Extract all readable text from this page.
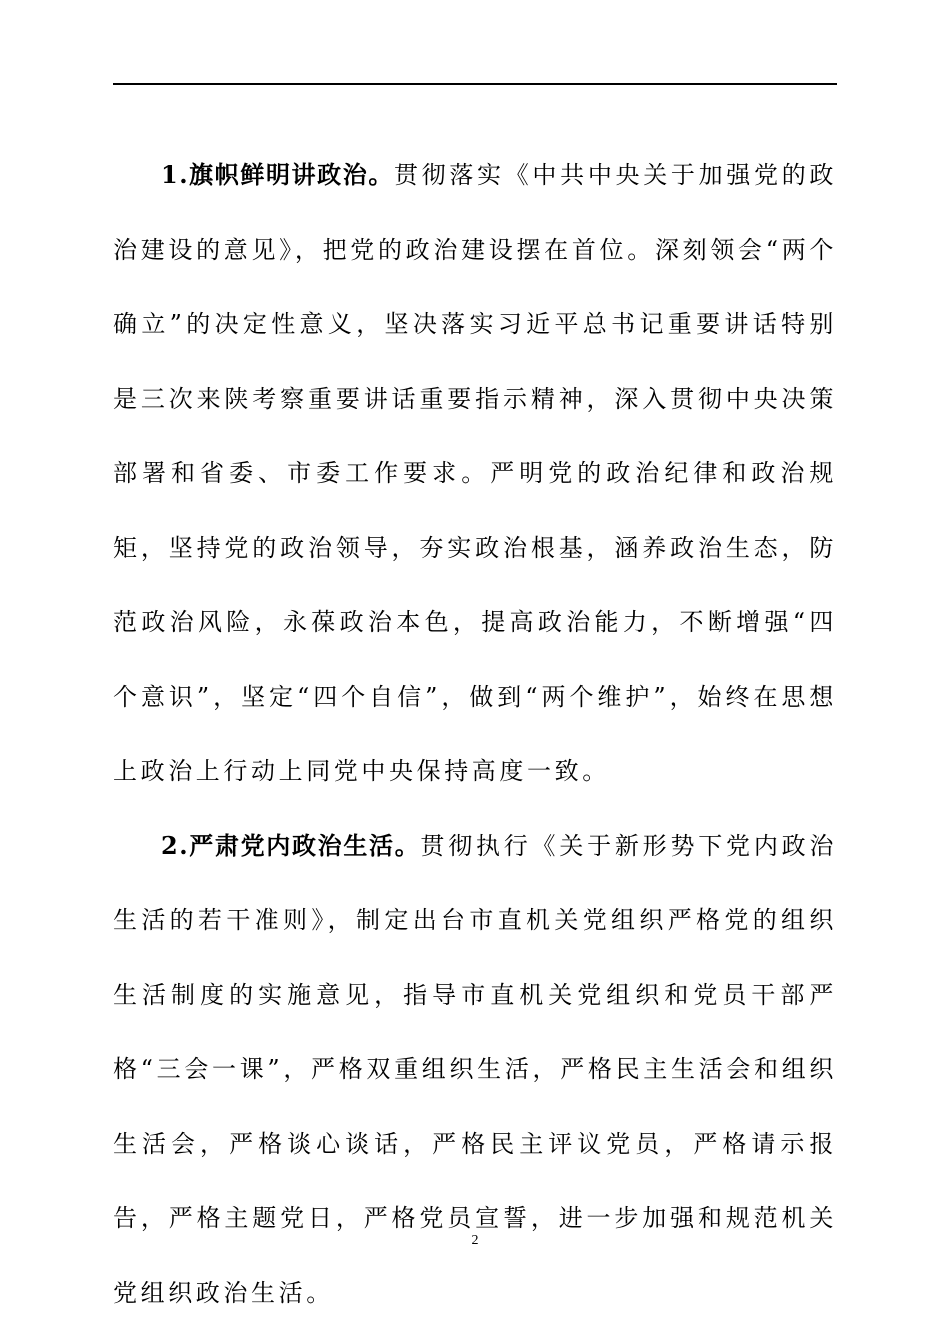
1.旗帜鲜明讲政治。贯彻落实《中共中央关于加强党的政治建设的意见》，把党的政治建设摆在首位。深刻领会“两个确立”的决定性意义，坚决落实习近平总书记重要讲话特别是三次来陕考察重要讲话重要指示精神，深入贯彻中央决策部署和省委、市委工作要求。严明党的政治纪律和政治规矩，坚持党的政治领导，夯实政治根基，涵养政治生态，防范政治风险，永葆政治本色，提高政治能力，不断增强“四个意识”，坚定“四个自信”，做到“两个维护”，始终在思想上政治上行动上同党中央保持高度一致。

2.严肃党内政治生活。贯彻执行《关于新形势下党内政治生活的若干准则》，制定出台市直机关党组织严格党的组织生活制度的实施意见，指导市直机关党组织和党员干部严格“三会一课”，严格双重组织生活，严格民主生活会和组织生活会，严格谈心谈话，严格民主评议党员，严格请示报告，严格主题党日，严格党员宣誓，进一步加强和规范机关党组织政治生活。

2
